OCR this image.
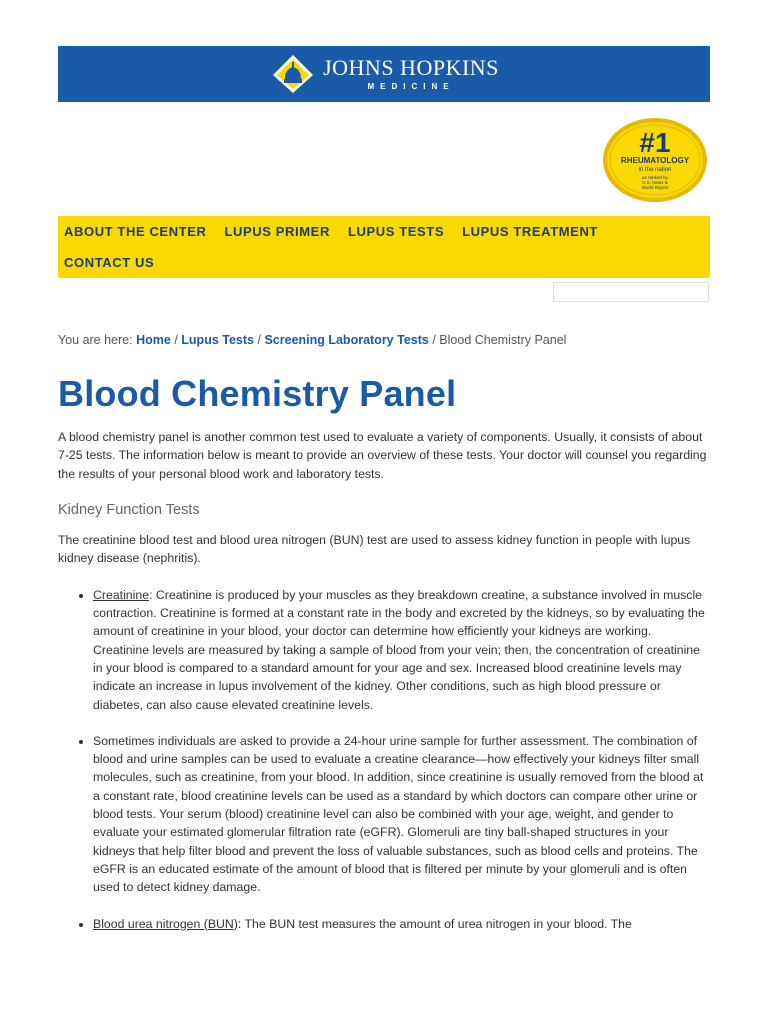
JOHNS HOPKINS
MEDICINE
#1
RHEUMATOLOGY
in the nation
as ranked by
U.S. News &
World Report
ABOUT THE CENTER LUPUS PRIMER LUPUS TESTS LUPUS TREATMENT
CONTACT US
You are here: Home / Lupus Tests / Screening Laboratory Tests / Blood Chemistry Panel
Blood Chemistry Panel

A blood chemistry panel is another common test used to evaluate a variety of components. Usually, it consists of about 7-25 tests. The information below is meant to provide an overview of these tests. Your doctor will counsel you regarding the results of your personal blood work and laboratory tests.

Kidney Function Tests

The creatinine blood test and blood urea nitrogen (BUN) test are used to assess kidney function in people with lupus kidney disease (nephritis).

• Creatinine: Creatinine is produced by your muscles as they breakdown creatine, a substance involved in muscle contraction. Creatinine is formed at a constant rate in the body and excreted by the kidneys, so by evaluating the amount of creatinine in your blood, your doctor can determine how efficiently your kidneys are working. Creatinine levels are measured by taking a sample of blood from your vein; then, the concentration of creatinine in your blood is compared to a standard amount for your age and sex. Increased blood creatinine levels may indicate an increase in lupus involvement of the kidney. Other conditions, such as high blood pressure or diabetes, can also cause elevated creatinine levels.
• Sometimes individuals are asked to provide a 24-hour urine sample for further assessment. The combination of blood and urine samples can be used to evaluate a creatine clearance—how effectively your kidneys filter small molecules, such as creatinine, from your blood. In addition, since creatinine is usually removed from the blood at a constant rate, blood creatinine levels can be used as a standard by which doctors can compare other urine or blood tests. Your serum (blood) creatinine level can also be combined with your age, weight, and gender to evaluate your estimated glomerular filtration rate (eGFR). Glomeruli are tiny ball-shaped structures in your kidneys that help filter blood and prevent the loss of valuable substances, such as blood cells and proteins. The eGFR is an educated estimate of the amount of blood that is filtered per minute by your glomeruli and is often used to detect kidney damage.
• Blood urea nitrogen (BUN): The BUN test measures the amount of urea nitrogen in your blood. The
